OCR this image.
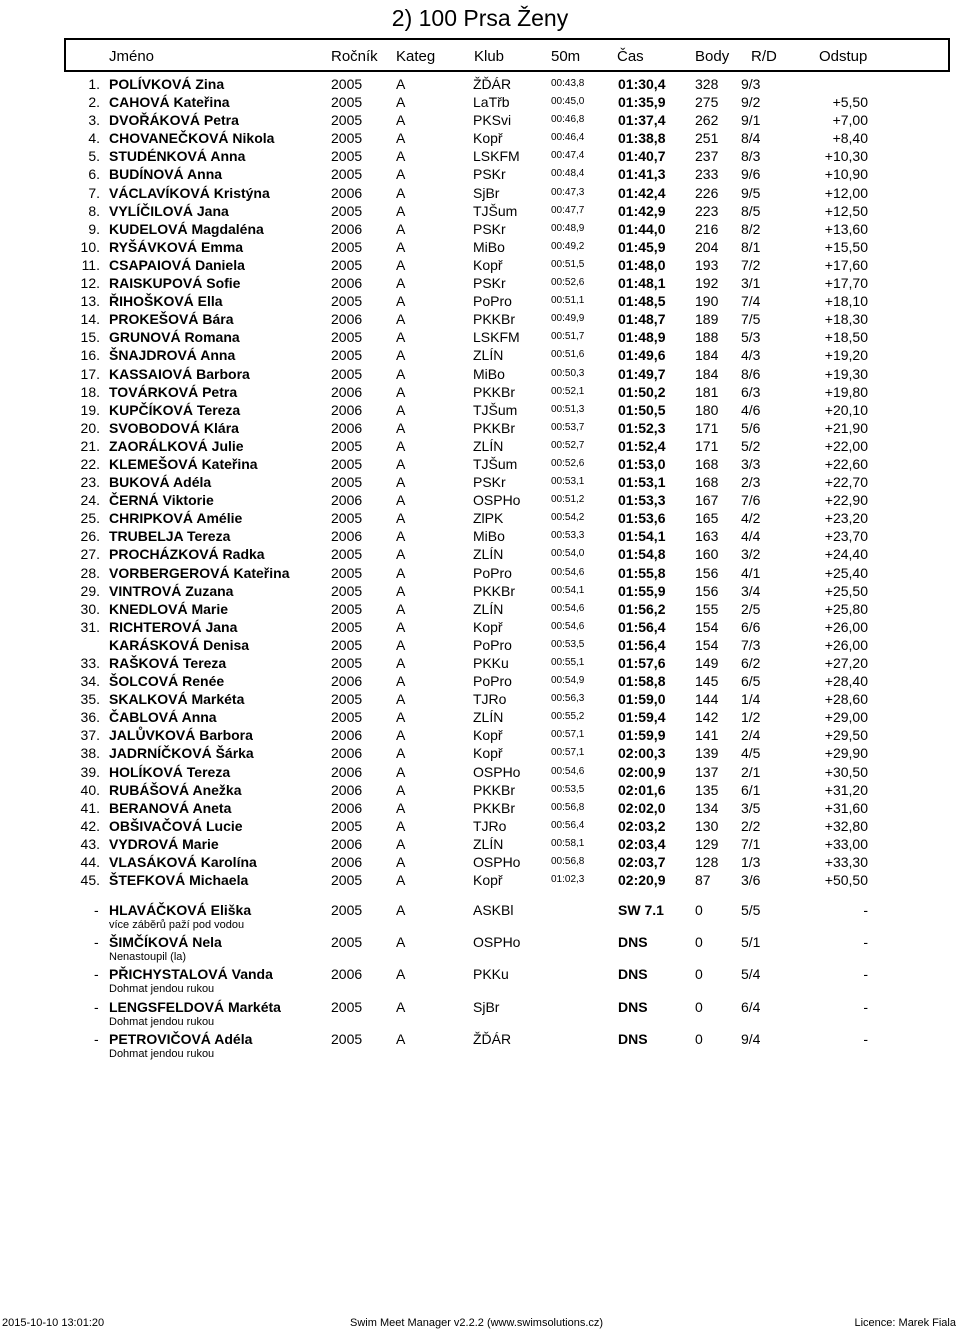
2) 100 Prsa Ženy
Jméno	Ročník Kateg	Klub	50m Čas	Body R/D	Odstup
1. POLÍVKOVÁ Zina	2005 A	ŽĎÁR	00:43,8 01:30,4 328 9/3
2. CAHOVÁ Kateřina	2005 A	LaTřb	00:45,0 01:35,9 275 9/2	+5,50
3. DVOŘÁKOVÁ Petra	2005 A	PKSvi	00:46,8 01:37,4 262 9/1	+7,00
4. CHOVANEČKOVÁ Nikola	2005 A	Kopř	00:46,4 01:38,8 251 8/4	+8,40
5. STUDÉNKOVÁ Anna	2005 A	LSKFM	00:47,4 01:40,7 237 8/3	+10,30
6. BUDÍNOVÁ Anna	2005 A	PSKr	00:48,4 01:41,3 233 9/6	+10,90
7. VÁCLAVÍKOVÁ Kristýna	2006 A	SjBr	00:47,3 01:42,4 226 9/5	+12,00
8. VYLÍČILOVÁ Jana	2005 A	TJŠum	00:47,7 01:42,9 223 8/5	+12,50
9. KUDELOVÁ Magdaléna	2006 A	PSKr	00:48,9 01:44,0 216 8/2	+13,60
10. RYŠÁVKOVÁ Emma	2005 A	MiBo	00:49,2 01:45,9 204 8/1	+15,50
11. CSAPAIOVÁ Daniela	2005 A	Kopř	00:51,5 01:48,0 193 7/2	+17,60
12. RAISKUPOVÁ Sofie	2006 A	PSKr	00:52,6 01:48,1 192 3/1	+17,70
13. ŘIHOŠKOVÁ Ella	2005 A	PoPro	00:51,1 01:48,5 190 7/4	+18,10
14. PROKEŠOVÁ Bára	2006 A	PKKBr	00:49,9 01:48,7 189 7/5	+18,30
15. GRUNOVÁ Romana	2005 A	LSKFM	00:51,7 01:48,9 188 5/3	+18,50
16. ŠNAJDROVÁ Anna	2005 A	ZLÍN	00:51,6 01:49,6 184 4/3	+19,20
17. KASSAIOVÁ Barbora	2005 A	MiBo	00:50,3 01:49,7 184 8/6	+19,30
18. TOVÁRKOVÁ Petra	2006 A	PKKBr	00:52,1 01:50,2 181 6/3	+19,80
19. KUPČÍKOVÁ Tereza	2006 A	TJŠum	00:51,3 01:50,5 180 4/6	+20,10
20. SVOBODOVÁ Klára	2006 A	PKKBr	00:53,7 01:52,3 171 5/6	+21,90
21. ZAORÁLKOVÁ Julie	2005 A	ZLÍN	00:52,7 01:52,4 171 5/2	+22,00
22. KLEMEŠOVÁ Kateřina	2005 A	TJŠum	00:52,6 01:53,0 168 3/3	+22,60
23. BUKOVÁ Adéla	2005 A	PSKr	00:53,1 01:53,1 168 2/3	+22,70
24. ČERNÁ Viktorie	2006 A	OSPHo	00:51,2 01:53,3 167 7/6	+22,90
25. CHRIPKOVÁ Amélie	2005 A	ZlPK	00:54,2 01:53,6 165 4/2	+23,20
26. TRUBELJA Tereza	2006 A	MiBo	00:53,3 01:54,1 163 4/4	+23,70
27. PROCHÁZKOVÁ Radka	2005 A	ZLÍN	00:54,0 01:54,8 160 3/2	+24,40
28. VORBERGEROVÁ Kateřina	2005 A	PoPro	00:54,6 01:55,8 156 4/1	+25,40
29. VINTROVÁ Zuzana	2005 A	PKKBr	00:54,1 01:55,9 156 3/4	+25,50
30. KNEDLOVÁ Marie	2005 A	ZLÍN	00:54,6 01:56,2 155 2/5	+25,80
31. RICHTEROVÁ Jana	2005 A	Kopř	00:54,6 01:56,4 154 6/6	+26,00
KARÁSKOVÁ Denisa	2005 A	PoPro	00:53,5 01:56,4 154 7/3	+26,00
33. RAŠKOVÁ Tereza	2005 A	PKKu	00:55,1 01:57,6 149 6/2	+27,20
34. ŠOLCOVÁ Renée	2006 A	PoPro	00:54,9 01:58,8 145 6/5	+28,40
35. SKALKOVÁ Markéta	2005 A	TJRo	00:56,3 01:59,0 144 1/4	+28,60
36. ČABLOVÁ Anna	2005 A	ZLÍN	00:55,2 01:59,4 142 1/2	+29,00
37. JALŮVKOVÁ Barbora	2006 A	Kopř	00:57,1 01:59,9 141 2/4	+29,50
38. JADRNÍČKOVÁ Šárka	2006 A	Kopř	00:57,1 02:00,3 139 4/5	+29,90
39. HOLÍKOVÁ Tereza	2006 A	OSPHo	00:54,6 02:00,9 137 2/1	+30,50
40. RUBÁŠOVÁ Anežka	2006 A	PKKBr	00:53,5 02:01,6 135 6/1	+31,20
41. BERANOVÁ Aneta	2006 A	PKKBr	00:56,8 02:02,0 134 3/5	+31,60
42. OBŠIVAČOVÁ Lucie	2005 A	TJRo	00:56,4 02:03,2 130 2/2	+32,80
43. VYDROVÁ Marie	2006 A	ZLÍN	00:58,1 02:03,4 129 7/1	+33,00
44. VLASÁKOVÁ Karolína	2006 A	OSPHo	00:56,8 02:03,7 128 1/3	+33,30
45. ŠTEFKOVÁ Michaela	2005 A	Kopř	01:02,3 02:20,9 87 3/6	+50,50
- HLAVÁČKOVÁ Eliška	2005 A	ASKBl	SW 7.1 0	5/5	-
více záběrů paží pod vodou
- ŠIMČÍKOVÁ Nela	2005 A	OSPHo	DNS	0	5/1	-
Nenastoupil (la)
- PŘICHYSTALOVÁ Vanda	2006 A	PKKu	DNS	0	5/4	-
Dohmat jendou rukou
- LENGSFELDOVÁ Markéta	2005 A	SjBr	DNS	0	6/4	-
Dohmat jendou rukou
- PETROVIČOVÁ Adéla	2005 A	ŽĎÁR	DNS	0	9/4	-
Dohmat jendou rukou
2015-10-10 13:01:20	Swim Meet Manager v2.2.2 (www.swimsolutions.cz)	Licence: Marek Fiala
